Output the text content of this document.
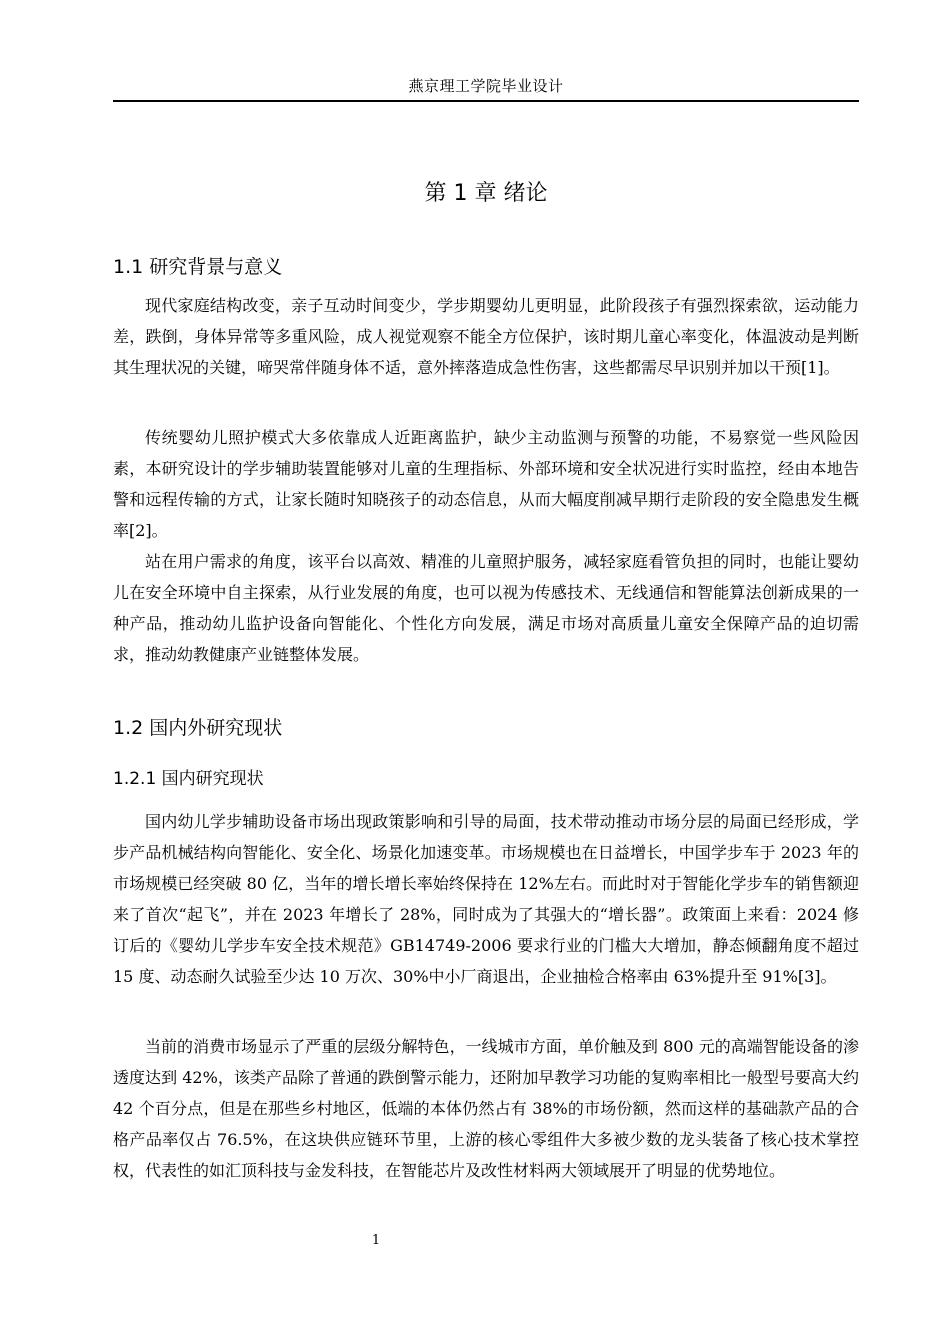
燕京理工学院毕业设计
第 1 章 绪论
1.1 研究背景与意义

现代家庭结构改变，亲子互动时间变少，学步期婴幼儿更明显，此阶段孩子有强烈探索欲，运动能力差，跌倒，身体异常等多重风险，成人视觉观察不能全方位保护，该时期儿童心率变化，体温波动是判断其生理状况的关键，啼哭常伴随身体不适，意外摔落造成急性伤害，这些都需尽早识别并加以干预[1]。

传统婴幼儿照护模式大多依靠成人近距离监护，缺少主动监测与预警的功能，不易察觉一些风险因素，本研究设计的学步辅助装置能够对儿童的生理指标、外部环境和安全状况进行实时监控，经由本地告警和远程传输的方式，让家长随时知晓孩子的动态信息，从而大幅度削减早期行走阶段的安全隐患发生概率[2]。

站在用户需求的角度，该平台以高效、精准的儿童照护服务，减轻家庭看管负担的同时，也能让婴幼儿在安全环境中自主探索，从行业发展的角度，也可以视为传感技术、无线通信和智能算法创新成果的一种产品，推动幼儿监护设备向智能化、个性化方向发展，满足市场对高质量儿童安全保障产品的迫切需求，推动幼教健康产业链整体发展。

1.2 国内外研究现状
1.2.1 国内研究现状

国内幼儿学步辅助设备市场出现政策影响和引导的局面，技术带动推动市场分层的局面已经形成，学步产品机械结构向智能化、安全化、场景化加速变革。市场规模也在日益增长，中国学步车于 2023 年的市场规模已经突破 80 亿，当年的增长增长率始终保持在 12%左右。而此时对于智能化学步车的销售额迎来了首次“起飞”，并在 2023 年增长了 28%，同时成为了其强大的“增长器”。政策面上来看：2024 修订后的《婴幼儿学步车安全技术规范》GB14749-2006 要求行业的门槛大大增加，静态倾翻角度不超过 15 度、动态耐久试验至少达 10 万次、30%中小厂商退出，企业抽检合格率由 63%提升至 91%[3]。

当前的消费市场显示了严重的层级分解特色，一线城市方面，单价触及到 800 元的高端智能设备的渗透度达到 42%，该类产品除了普通的跌倒警示能力，还附加早教学习功能的复购率相比一般型号要高大约 42 个百分点，但是在那些乡村地区，低端的本体仍然占有 38%的市场份额，然而这样的基础款产品的合格产品率仅占 76.5%，在这块供应链环节里，上游的核心零组件大多被少数的龙头装备了核心技术掌控权，代表性的如汇顶科技与金发科技，在智能芯片及改性材料两大领域展开了明显的优势地位。

1
